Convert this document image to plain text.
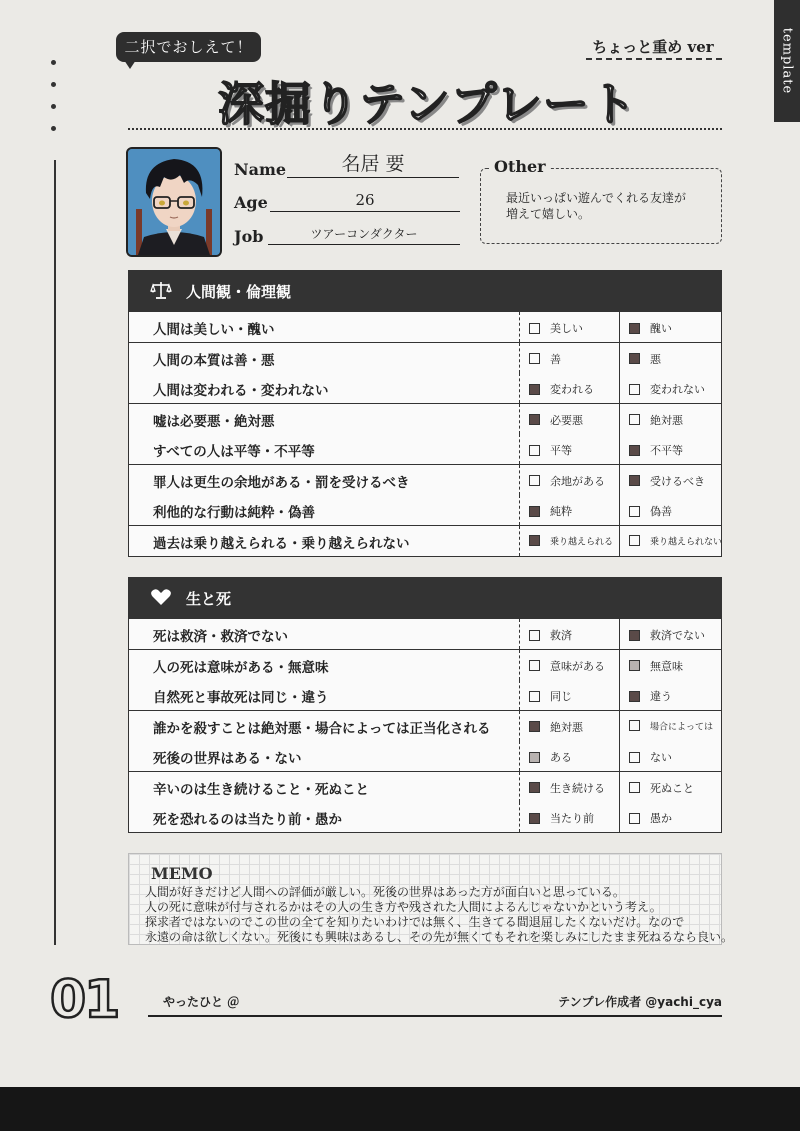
template
二択でおしえて！	ちょっと重め ver
深掘りテンプレート
Name	名居 要
Age	26
Job	ツアーコンダクター
Other
最近いっぱい遊んでくれる友達が
増えて嬉しい。
人間観・倫理観
人間は美しい・醜い	美しい	醜い
人間の本質は善・悪	善	悪
人間は変われる・変われない	変われる	変われない
嘘は必要悪・絶対悪	必要悪	絶対悪
すべての人は平等・不平等	平等	不平等
罪人は更生の余地がある・罰を受けるべき	余地がある	受けるべき
利他的な行動は純粋・偽善	純粋	偽善
過去は乗り越えられる・乗り越えられない	乗り越えられる	乗り越えられない
生と死
死は救済・救済でない	救済	救済でない
人の死は意味がある・無意味	意味がある	無意味
自然死と事故死は同じ・違う	同じ	違う
誰かを殺すことは絶対悪・場合によっては正当化される	絶対悪	場合によっては
死後の世界はある・ない	ある	ない
辛いのは生き続けること・死ぬこと	生き続ける	死ぬこと
死を恐れるのは当たり前・愚か	当たり前	愚か
MEMO
人間が好きだけど人間への評価が厳しい。死後の世界はあった方が面白いと思っている。
人の死に意味が付与されるかはその人の生き方や残された人間によるんじゃないかという考え。
探求者ではないのでこの世の全てを知りたいわけでは無く、生きてる間退屈したくないだけ。なので
永遠の命は欲しくない。死後にも興味はあるし、その先が無くてもそれを楽しみにしたまま死ねるなら良い。
01	やったひと ＠	テンプレ作成者 @yachi_cya
